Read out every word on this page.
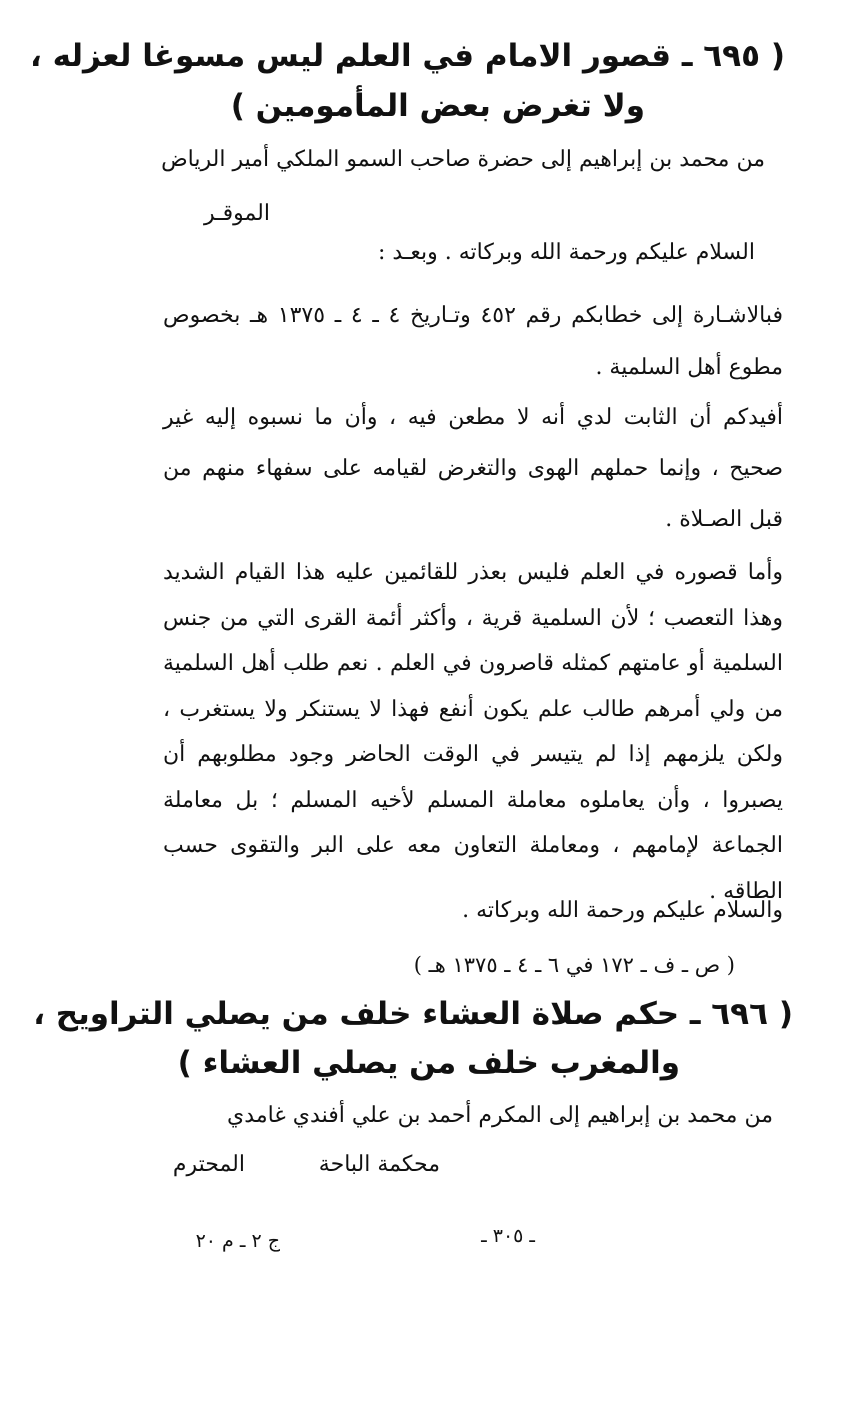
( ٦٩٥ ـ قصور الامام في العلم ليس مسوغا لعزله ،
ولا تغرض بعض المأمومين )
من محمد بن إبراهيم إلى حضرة صاحب السمو الملكي أمير الرياض
الموقـر
السلام عليكم ورحمة الله وبركاته . وبعـد :

فبالاشـارة إلى خطابكم رقم ٤٥٢ وتـاريخ ٤ ـ ٤ ـ ١٣٧٥ هـ بخصوص مطوع أهل السلمية .

أفيدكم أن الثابت لدي أنه لا مطعن فيه ، وأن ما نسبوه إليه غير صحيح ، وإنما حملهم الهوى والتغرض لقيامه على سفهاء منهم من قبل الصـلاة .

وأما قصوره في العلم فليس بعذر للقائمين عليه هذا القيام الشديد وهذا التعصب ؛ لأن السلمية قرية ، وأكثر أئمة القرى التي من جنس السلمية أو عامتهم كمثله قاصرون في العلم . نعم طلب أهل السلمية من ولي أمرهم طالب علم يكون أنفع فهذا لا يستنكر ولا يستغرب ، ولكن يلزمهم إذا لم يتيسر في الوقت الحاضر وجود مطلوبهم أن يصبروا ، وأن يعاملوه معاملة المسلم لأخيه المسلم ؛ بل معاملة الجماعة لإمامهم ، ومعاملة التعاون معه على البر والتقوى حسب الطاقه .

والسلام عليكم ورحمة الله وبركاته .
( ص ـ ف ـ ١٧٢ في ٦ ـ ٤ ـ ١٣٧٥ هـ )
( ٦٩٦ ـ حكم صلاة العشاء خلف من يصلي التراويح ،
والمغرب خلف من يصلي العشاء )
من محمد بن إبراهيم إلى المكرم أحمد بن علي أفندي غامدي
محكمة الباحة
المحترم
ـ ٣٠٥ ـ
ج ٢ ـ م ٢٠
